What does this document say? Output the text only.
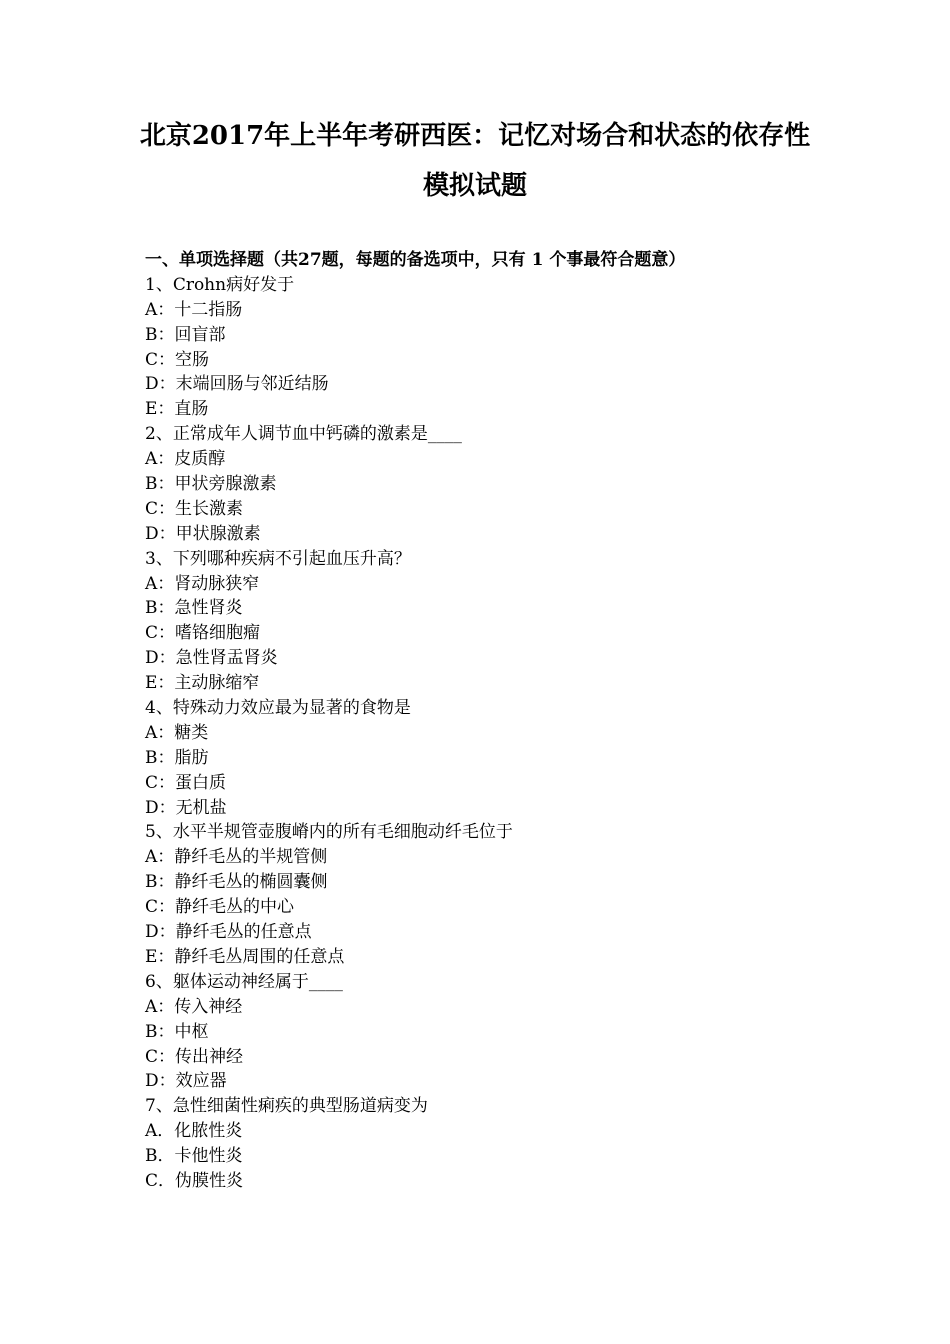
北京2017年上半年考研西医：记忆对场合和状态的依存性
模拟试题
一、单项选择题（共27题，每题的备选项中，只有 1 个事最符合题意）
1、Crohn病好发于
A：十二指肠
B：回盲部
C：空肠
D：末端回肠与邻近结肠
E：直肠
2、正常成年人调节血中钙磷的激素是____
A：皮质醇
B：甲状旁腺激素
C：生长激素
D：甲状腺激素
3、下列哪种疾病不引起血压升高？
A：肾动脉狭窄
B：急性肾炎
C：嗜铬细胞瘤
D：急性肾盂肾炎
E：主动脉缩窄
4、特殊动力效应最为显著的食物是
A：糖类
B：脂肪
C：蛋白质
D：无机盐
5、水平半规管壶腹嵴内的所有毛细胞动纤毛位于
A：静纤毛丛的半规管侧
B：静纤毛丛的椭圆囊侧
C：静纤毛丛的中心
D：静纤毛丛的任意点
E：静纤毛丛周围的任意点
6、躯体运动神经属于____
A：传入神经
B：中枢
C：传出神经
D：效应器
7、急性细菌性痢疾的典型肠道病变为
A．化脓性炎
B．卡他性炎
C．伪膜性炎
